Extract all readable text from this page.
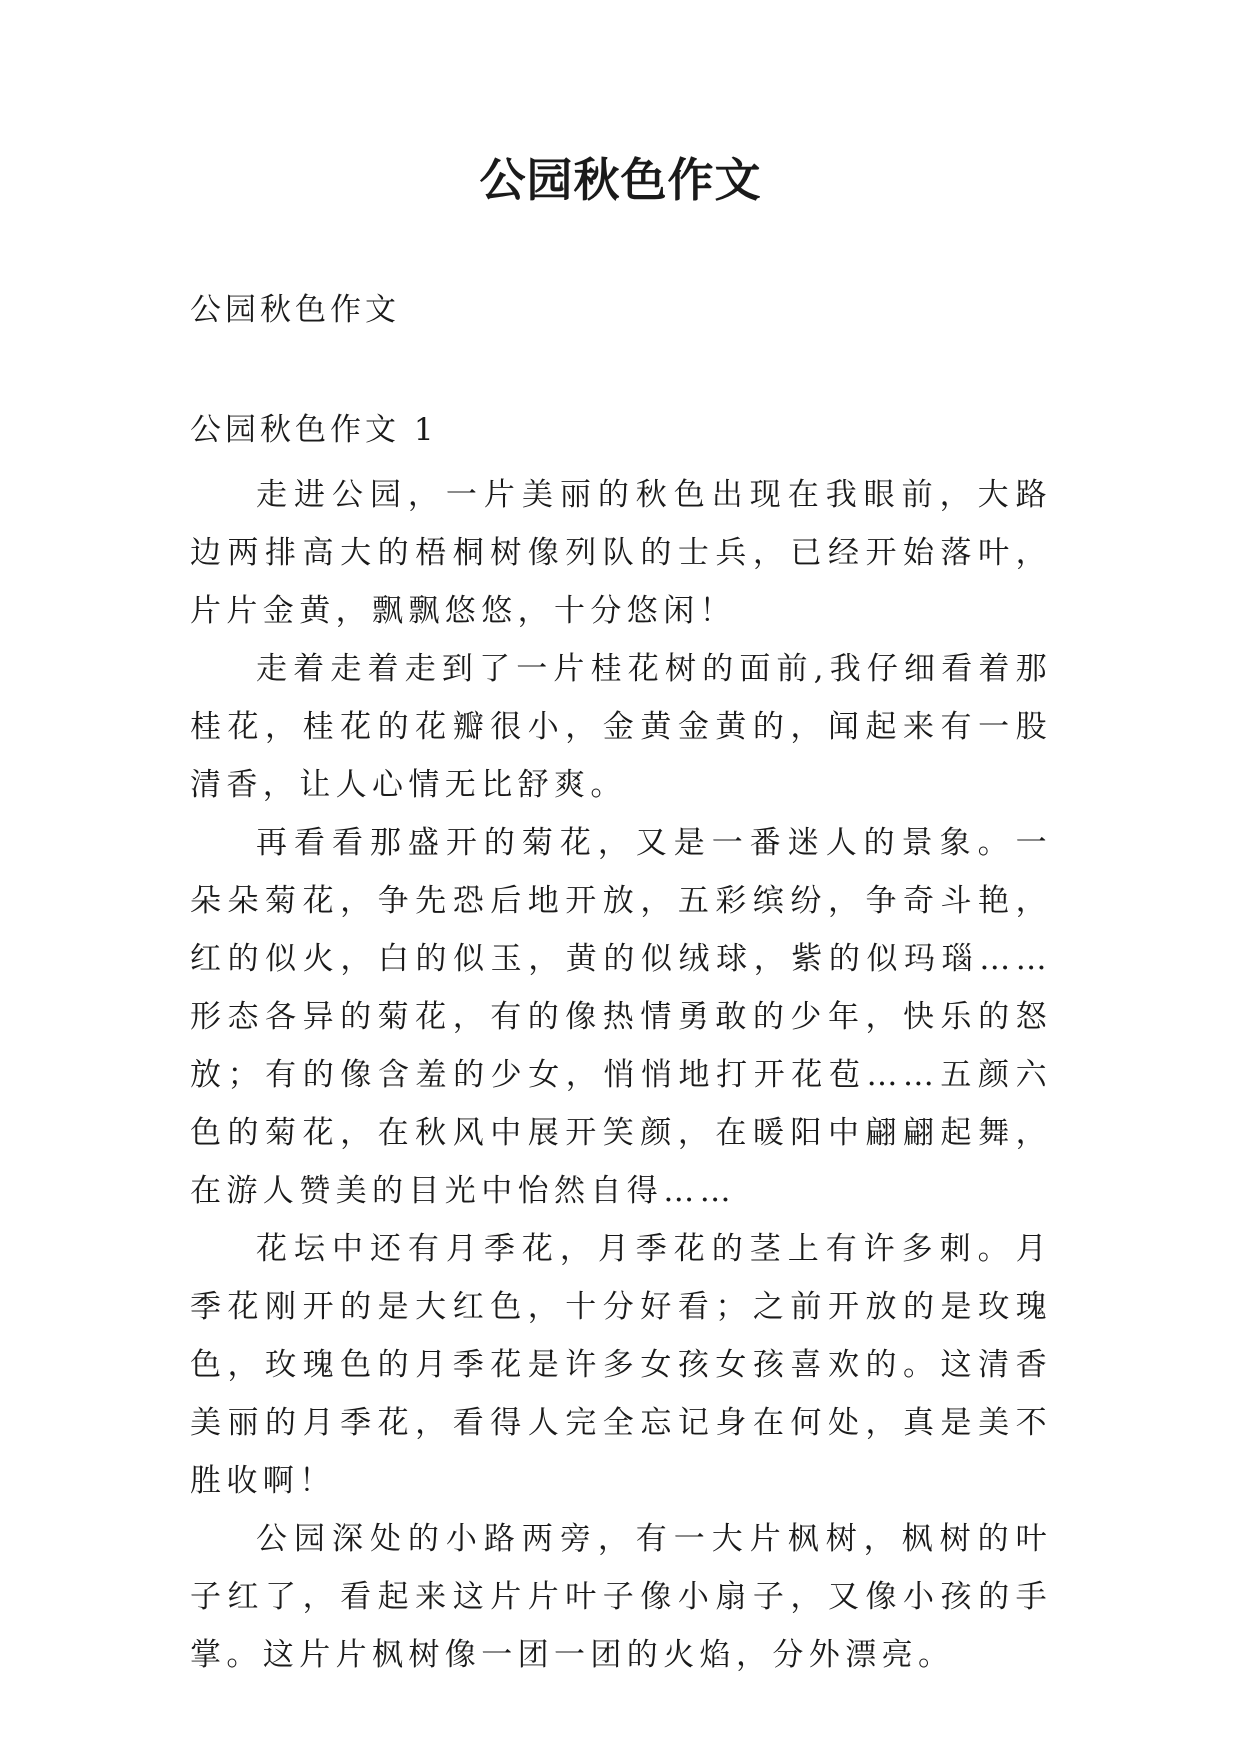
公园秋色作文
公园秋色作文
公园秋色作文 1

走进公园，一片美丽的秋色出现在我眼前，大路边两排高大的梧桐树像列队的士兵，已经开始落叶，片片金黄，飘飘悠悠，十分悠闲！

走着走着走到了一片桂花树的面前,我仔细看着那桂花，桂花的花瓣很小，金黄金黄的，闻起来有一股清香，让人心情无比舒爽。

再看看那盛开的菊花，又是一番迷人的景象。一朵朵菊花，争先恐后地开放，五彩缤纷，争奇斗艳，红的似火，白的似玉，黄的似绒球，紫的似玛瑙……形态各异的菊花，有的像热情勇敢的少年，快乐的怒放；有的像含羞的少女，悄悄地打开花苞……五颜六色的菊花，在秋风中展开笑颜，在暖阳中翩翩起舞，在游人赞美的目光中怡然自得……

花坛中还有月季花，月季花的茎上有许多刺。月季花刚开的是大红色，十分好看；之前开放的是玫瑰色，玫瑰色的月季花是许多女孩女孩喜欢的。这清香美丽的月季花，看得人完全忘记身在何处，真是美不胜收啊！

公园深处的小路两旁，有一大片枫树，枫树的叶子红了，看起来这片片叶子像小扇子，又像小孩的手掌。这片片枫树像一团一团的火焰，分外漂亮。
